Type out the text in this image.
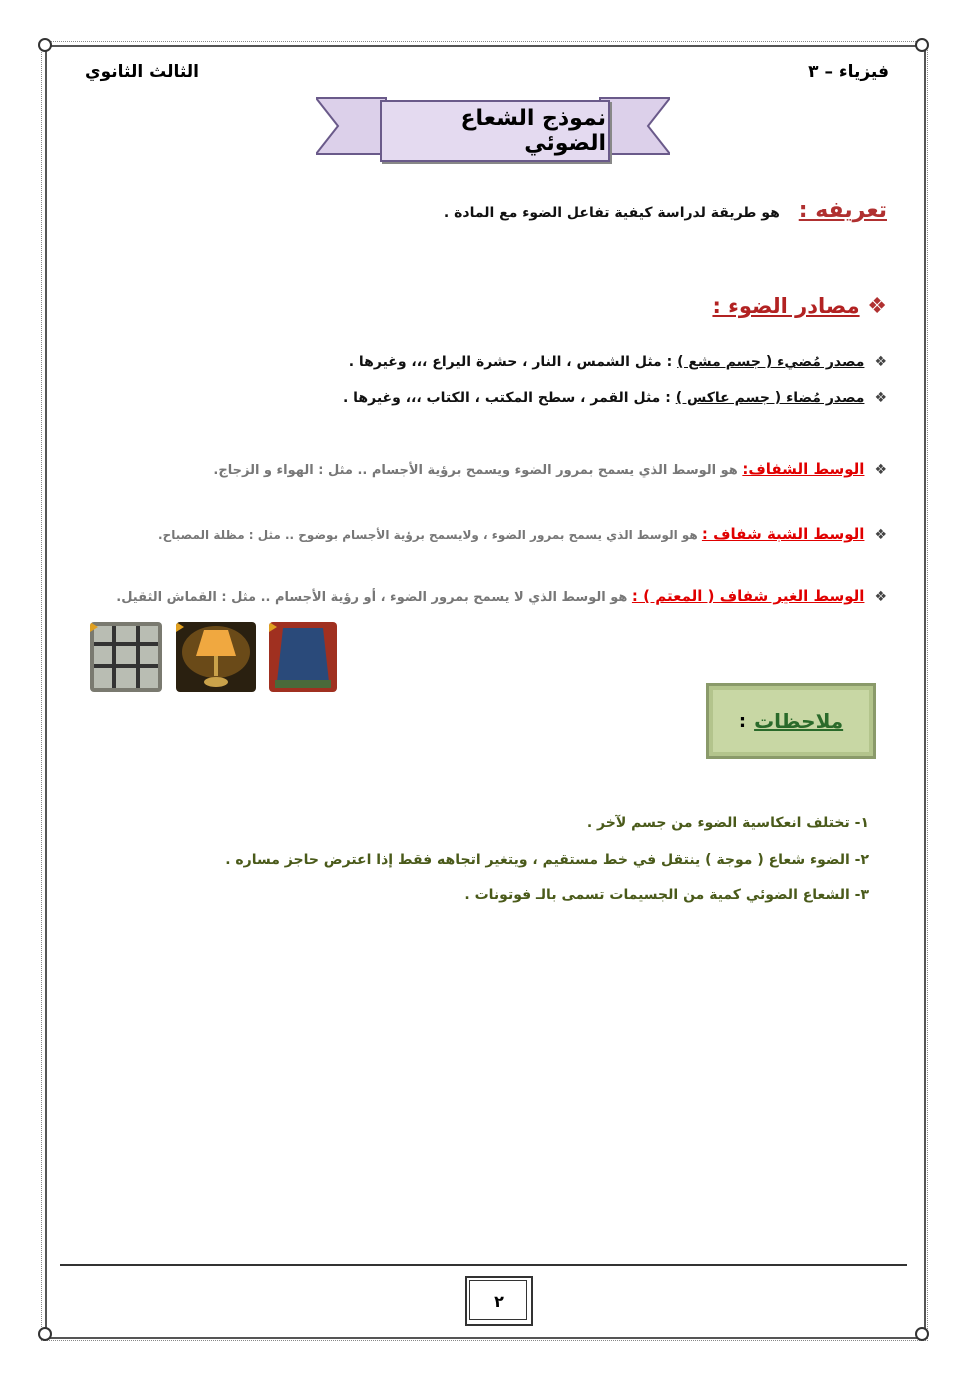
فيزياء – ٣
الثالث الثانوي
نموذج الشعاع الضوئي
تعريفه : هو طريقة لدراسة كيفية تفاعل الضوء مع المادة .
❖ مصادر الضوء :
❖مصدر مُضيء ( جسم مشع ) : مثل الشمس ، النار ، حشرة اليراع ،،، وغيرها .
❖مصدر مُضاء ( جسم عاكس ) : مثل القمر ، سطح المكتب ، الكتاب ،،، وغيرها .
❖الوسط الشفاف: هو الوسط الذي يسمح بمرور الضوء ويسمح برؤية الأجسام .. مثل : الهواء و الزجاج.
❖الوسط الشبة شفاف : هو الوسط الذي يسمح بمرور الضوء ، ولايسمح برؤية الأجسام بوضوح .. مثل : مظلة المصباح.
❖الوسط الغير شفاف ( المعتم ) : هو الوسط الذي لا يسمح بمرور الضوء ، أو رؤية الأجسام .. مثل : القماش الثقيل.
ملاحظات
:
١- تختلف انعكاسية الضوء من جسم لآخر .
٢- الضوء شعاع ( موجة ) ينتقل في خط مستقيم ، ويتغير اتجاهه فقط إذا اعترض حاجز مساره .
٣- الشعاع الضوئي كمية من الجسيمات تسمى بالـ فوتونات .
٢
